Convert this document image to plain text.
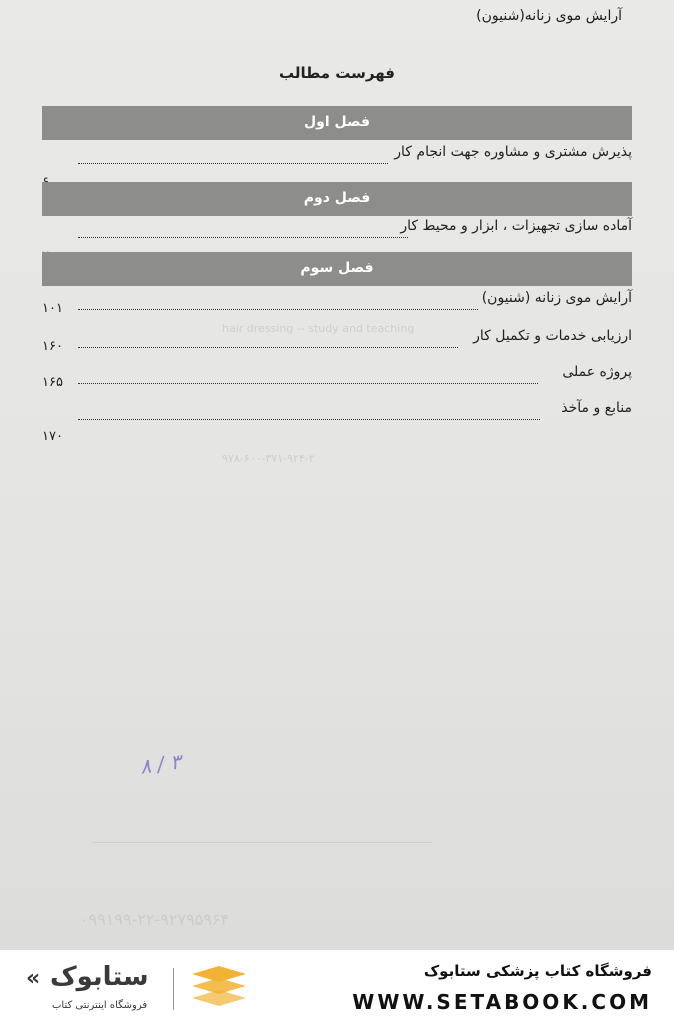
آرایش موی زنانه(شنیون)
hair dressing -- study and teaching
۹۷۸-۶۰۰-۳۷۱-۹۲۴-۲
۰۹۹۱۹۹-۲۲-۹۲۷۹۵۹۶۴
فهرست مطالب
فصل اول
پذیرش مشتری و مشاوره جهت انجام کار
فصل دوم
آماده سازی تجهیزات ، ابزار و محیط کار
فصل سوم
آرایش موی زنانه (شنیون)
۱۰۱
ارزیابی خدمات و تکمیل کار
۱۶۰
پروژه عملی
۱۶۵
منابع و مآخذ
۱۷۰
۸ / ۳
فروشگاه کتاب پزشکی ستابوک
WWW.SETABOOK.COM
ستابوک
فروشگاه اینترنتی کتاب
«
